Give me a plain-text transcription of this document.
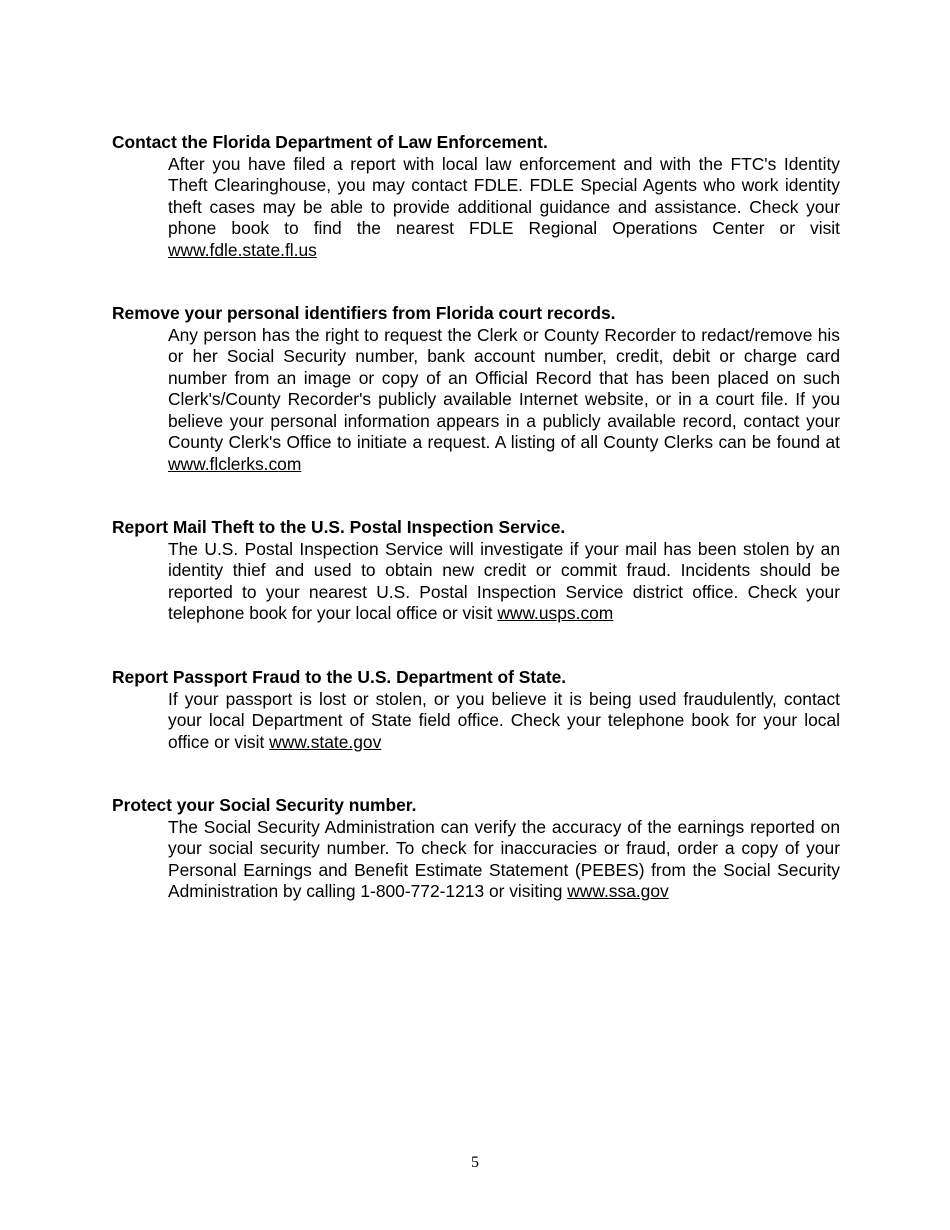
Contact the Florida Department of Law Enforcement.

After you have filed a report with local law enforcement and with the FTC's Identity Theft Clearinghouse, you may contact FDLE. FDLE Special Agents who work identity theft cases may be able to provide additional guidance and assistance. Check your phone book to find the nearest FDLE Regional Operations Center or visit www.fdle.state.fl.us

Remove your personal identifiers from Florida court records.

Any person has the right to request the Clerk or County Recorder to redact/remove his or her Social Security number, bank account number, credit, debit or charge card number from an image or copy of an Official Record that has been placed on such Clerk's/County Recorder's publicly available Internet website, or in a court file. If you believe your personal information appears in a publicly available record, contact your County Clerk's Office to initiate a request. A listing of all County Clerks can be found at www.flclerks.com

Report Mail Theft to the U.S. Postal Inspection Service.

The U.S. Postal Inspection Service will investigate if your mail has been stolen by an identity thief and used to obtain new credit or commit fraud. Incidents should be reported to your nearest U.S. Postal Inspection Service district office. Check your telephone book for your local office or visit www.usps.com

Report Passport Fraud to the U.S. Department of State.

If your passport is lost or stolen, or you believe it is being used fraudulently, contact your local Department of State field office. Check your telephone book for your local office or visit www.state.gov

Protect your Social Security number.

The Social Security Administration can verify the accuracy of the earnings reported on your social security number. To check for inaccuracies or fraud, order a copy of your Personal Earnings and Benefit Estimate Statement (PEBES) from the Social Security Administration by calling 1-800-772-1213 or visiting www.ssa.gov

5
